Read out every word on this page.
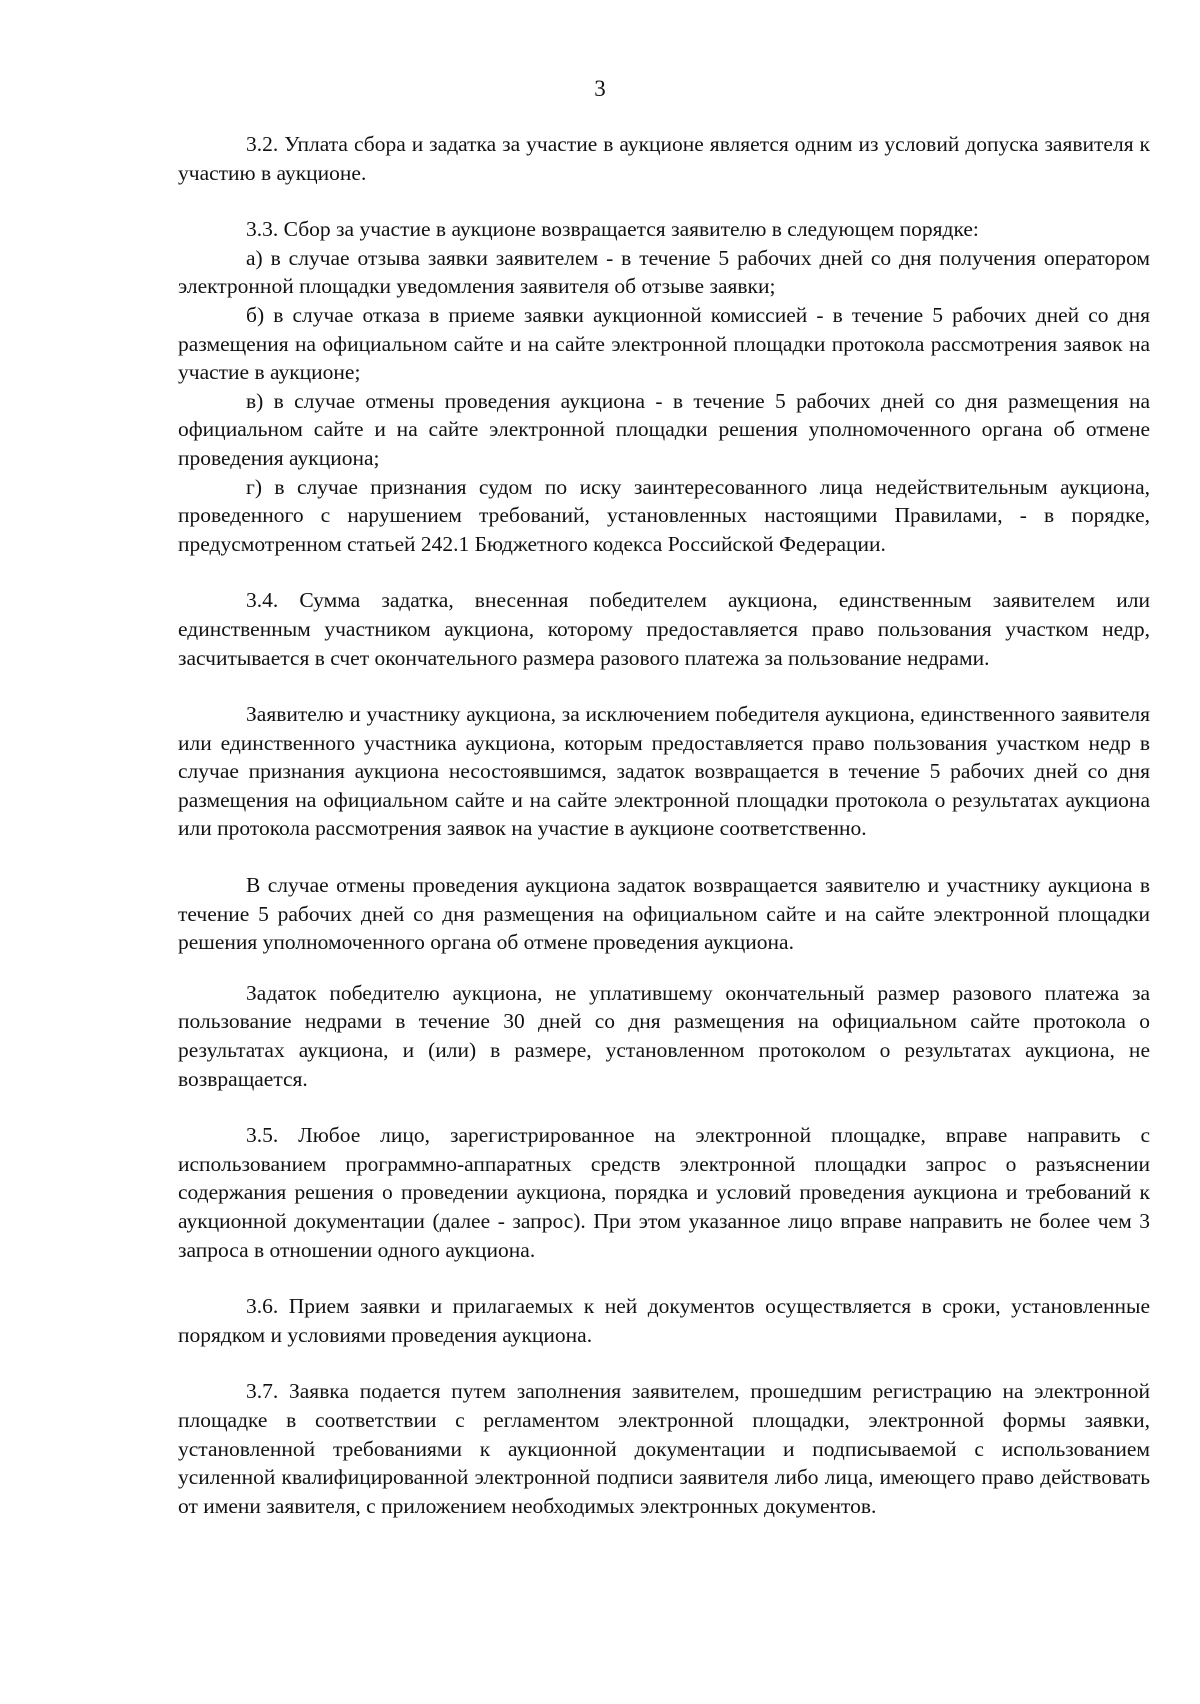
3

3.2. Уплата сбора и задатка за участие в аукционе является одним из условий допуска заявителя к участию в аукционе.

3.3. Сбор за участие в аукционе возвращается заявителю в следующем порядке:

а) в случае отзыва заявки заявителем - в течение 5 рабочих дней со дня получения оператором электронной площадки уведомления заявителя об отзыве заявки;

б) в случае отказа в приеме заявки аукционной комиссией - в течение 5 рабочих дней со дня размещения на официальном сайте и на сайте электронной площадки протокола рассмотрения заявок на участие в аукционе;

в) в случае отмены проведения аукциона - в течение 5 рабочих дней со дня размещения на официальном сайте и на сайте электронной площадки решения уполномоченного органа об отмене проведения аукциона;

г) в случае признания судом по иску заинтересованного лица недействительным аукциона, проведенного с нарушением требований, установленных настоящими Правилами, - в порядке, предусмотренном статьей 242.1 Бюджетного кодекса Российской Федерации.

3.4. Сумма задатка, внесенная победителем аукциона, единственным заявителем или единственным участником аукциона, которому предоставляется право пользования участком недр, засчитывается в счет окончательного размера разового платежа за пользование недрами.

Заявителю и участнику аукциона, за исключением победителя аукциона, единственного заявителя или единственного участника аукциона, которым предоставляется право пользования участком недр в случае признания аукциона несостоявшимся, задаток возвращается в течение 5 рабочих дней со дня размещения на официальном сайте и на сайте электронной площадки протокола о результатах аукциона или протокола рассмотрения заявок на участие в аукционе соответственно.

В случае отмены проведения аукциона задаток возвращается заявителю и участнику аукциона в течение 5 рабочих дней со дня размещения на официальном сайте и на сайте электронной площадки решения уполномоченного органа об отмене проведения аукциона.

Задаток победителю аукциона, не уплатившему окончательный размер разового платежа за пользование недрами в течение 30 дней со дня размещения на официальном сайте протокола о результатах аукциона, и (или) в размере, установленном протоколом о результатах аукциона, не возвращается.

3.5. Любое лицо, зарегистрированное на электронной площадке, вправе направить с использованием программно-аппаратных средств электронной площадки запрос о разъяснении содержания решения о проведении аукциона, порядка и условий проведения аукциона и требований к аукционной документации (далее - запрос). При этом указанное лицо вправе направить не более чем 3 запроса в отношении одного аукциона.

3.6. Прием заявки и прилагаемых к ней документов осуществляется в сроки, установленные порядком и условиями проведения аукциона.

3.7. Заявка подается путем заполнения заявителем, прошедшим регистрацию на электронной площадке в соответствии с регламентом электронной площадки, электронной формы заявки, установленной требованиями к аукционной документации и подписываемой с использованием усиленной квалифицированной электронной подписи заявителя либо лица, имеющего право действовать от имени заявителя, с приложением необходимых электронных документов.
